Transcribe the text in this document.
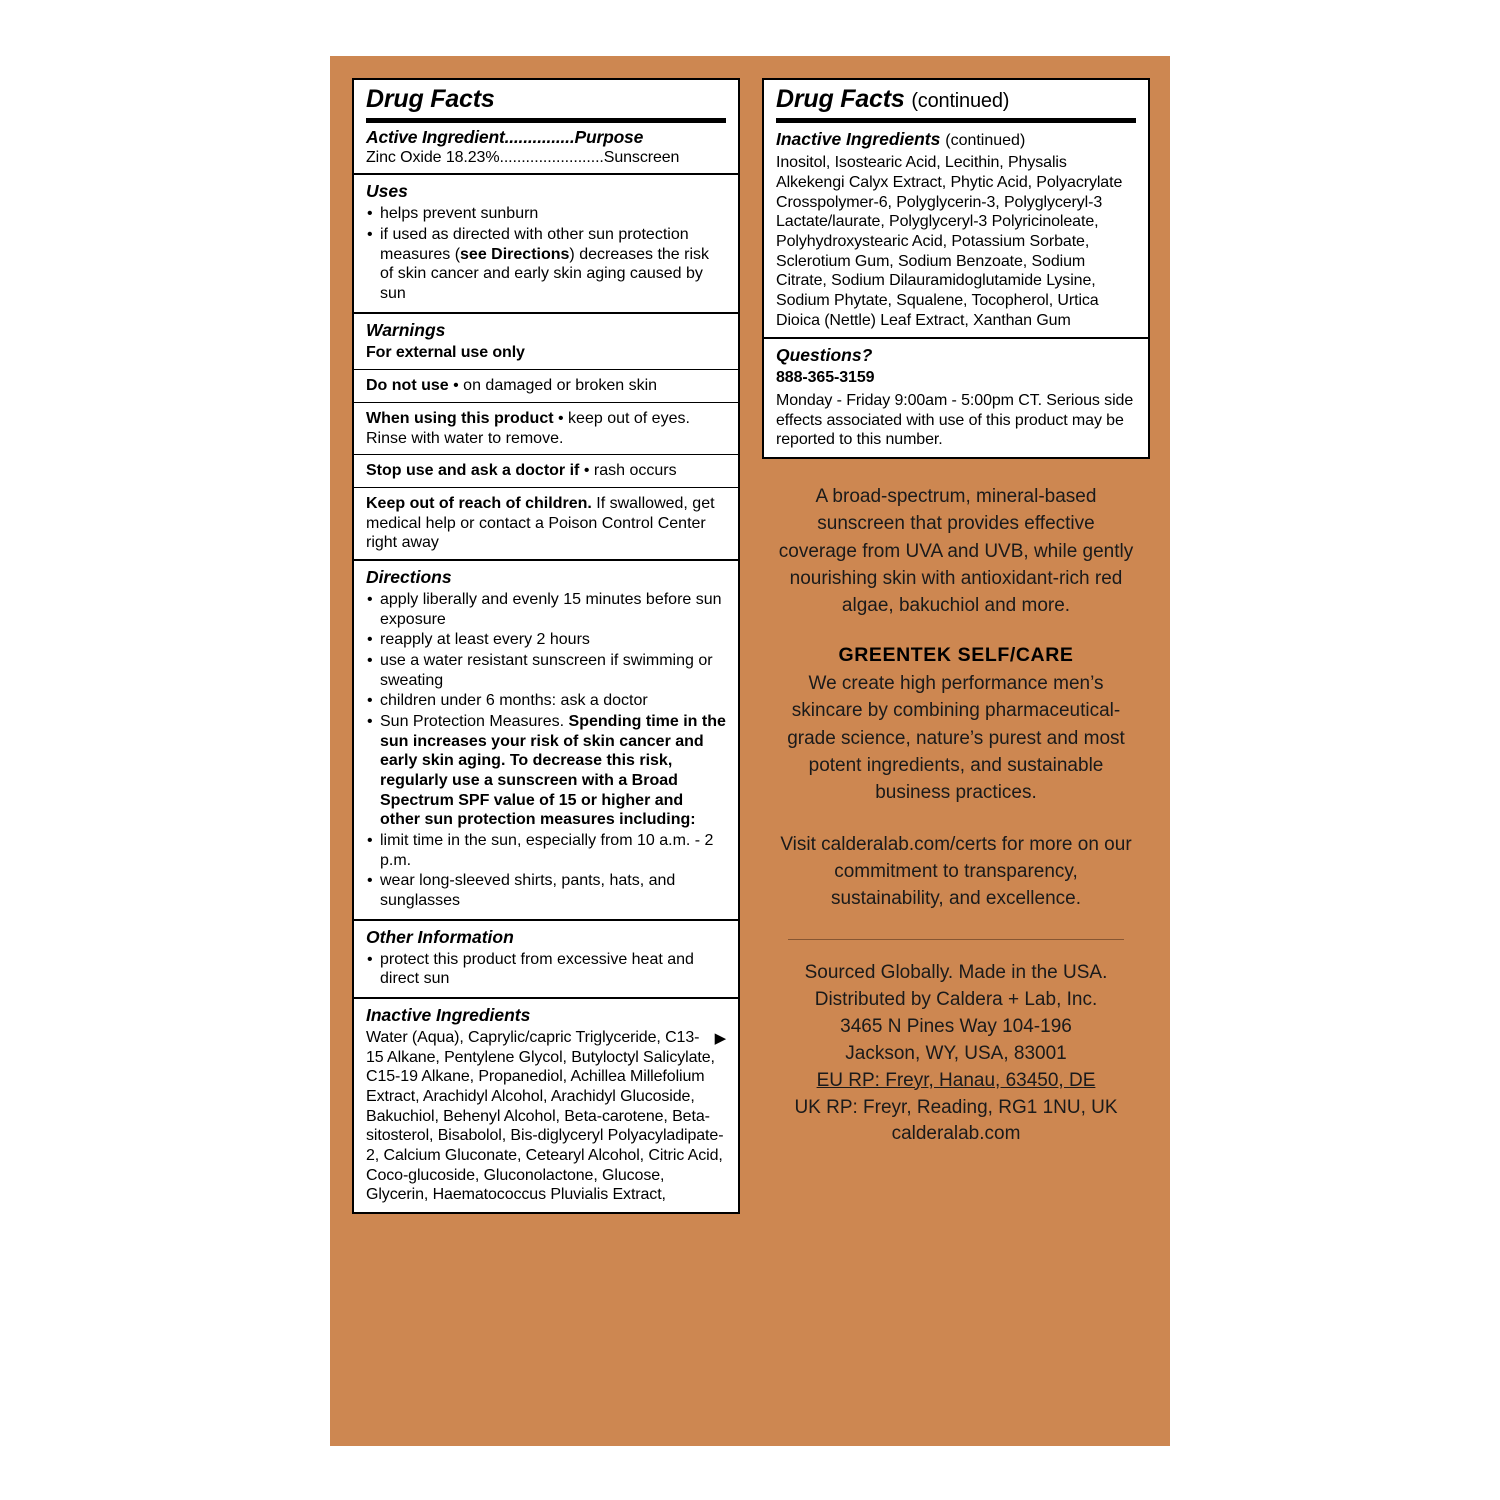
Drug Facts
Active Ingredient...............Purpose
Zinc Oxide 18.23%........................Sunscreen
Uses
• helps prevent sunburn
• if used as directed with other sun protection measures (see Directions) decreases the risk of skin cancer and early skin aging caused by sun
Warnings
For external use only
Do not use • on damaged or broken skin
When using this product • keep out of eyes. Rinse with water to remove.
Stop use and ask a doctor if • rash occurs
Keep out of reach of children. If swallowed, get medical help or contact a Poison Control Center right away
Directions
• apply liberally and evenly 15 minutes before sun exposure
• reapply at least every 2 hours
• use a water resistant sunscreen if swimming or sweating
• children under 6 months: ask a doctor
• Sun Protection Measures. Spending time in the sun increases your risk of skin cancer and early skin aging. To decrease this risk, regularly use a sunscreen with a Broad Spectrum SPF value of 15 or higher and other sun protection measures including:
• limit time in the sun, especially from 10 a.m. - 2 p.m.
• wear long-sleeved shirts, pants, hats, and sunglasses
Other Information
• protect this product from excessive heat and direct sun
Inactive Ingredients
▶
Water (Aqua), Caprylic/capric Triglyceride, C13-15 Alkane, Pentylene Glycol, Butyloctyl Salicylate, C15-19 Alkane, Propanediol, Achillea Millefolium Extract, Arachidyl Alcohol, Arachidyl Glucoside, Bakuchiol, Behenyl Alcohol, Beta-carotene, Beta-sitosterol, Bisabolol, Bis-diglyceryl Polyacyladipate-2, Calcium Gluconate, Cetearyl Alcohol, Citric Acid, Coco-glucoside, Gluconolactone, Glucose, Glycerin, Haematococcus Pluvialis Extract,
Drug Facts (continued)
Inactive Ingredients (continued)
Inositol, Isostearic Acid, Lecithin, Physalis Alkekengi Calyx Extract, Phytic Acid, Polyacrylate Crosspolymer-6, Polyglycerin-3, Polyglyceryl-3 Lactate/laurate, Polyglyceryl-3 Polyricinoleate, Polyhydroxystearic Acid, Potassium Sorbate, Sclerotium Gum, Sodium Benzoate, Sodium Citrate, Sodium Dilauramidoglutamide Lysine, Sodium Phytate, Squalene, Tocopherol, Urtica Dioica (Nettle) Leaf Extract, Xanthan Gum
Questions?
888-365-3159
Monday - Friday 9:00am - 5:00pm CT. Serious side effects associated with use of this product may be reported to this number.
A broad-spectrum, mineral-based sunscreen that provides effective coverage from UVA and UVB, while gently nourishing skin with antioxidant-rich red algae, bakuchiol and more.
GREENTEK SELF/CARE
We create high performance men’s skincare by combining pharmaceutical-grade science, nature’s purest and most potent ingredients, and sustainable business practices.
Visit calderalab.com/certs for more on our commitment to transparency, sustainability, and excellence.
Sourced Globally. Made in the USA.
Distributed by Caldera + Lab, Inc.
3465 N Pines Way 104-196
Jackson, WY, USA, 83001
EU RP: Freyr, Hanau, 63450, DE
UK RP: Freyr, Reading, RG1 1NU, UK
calderalab.com
